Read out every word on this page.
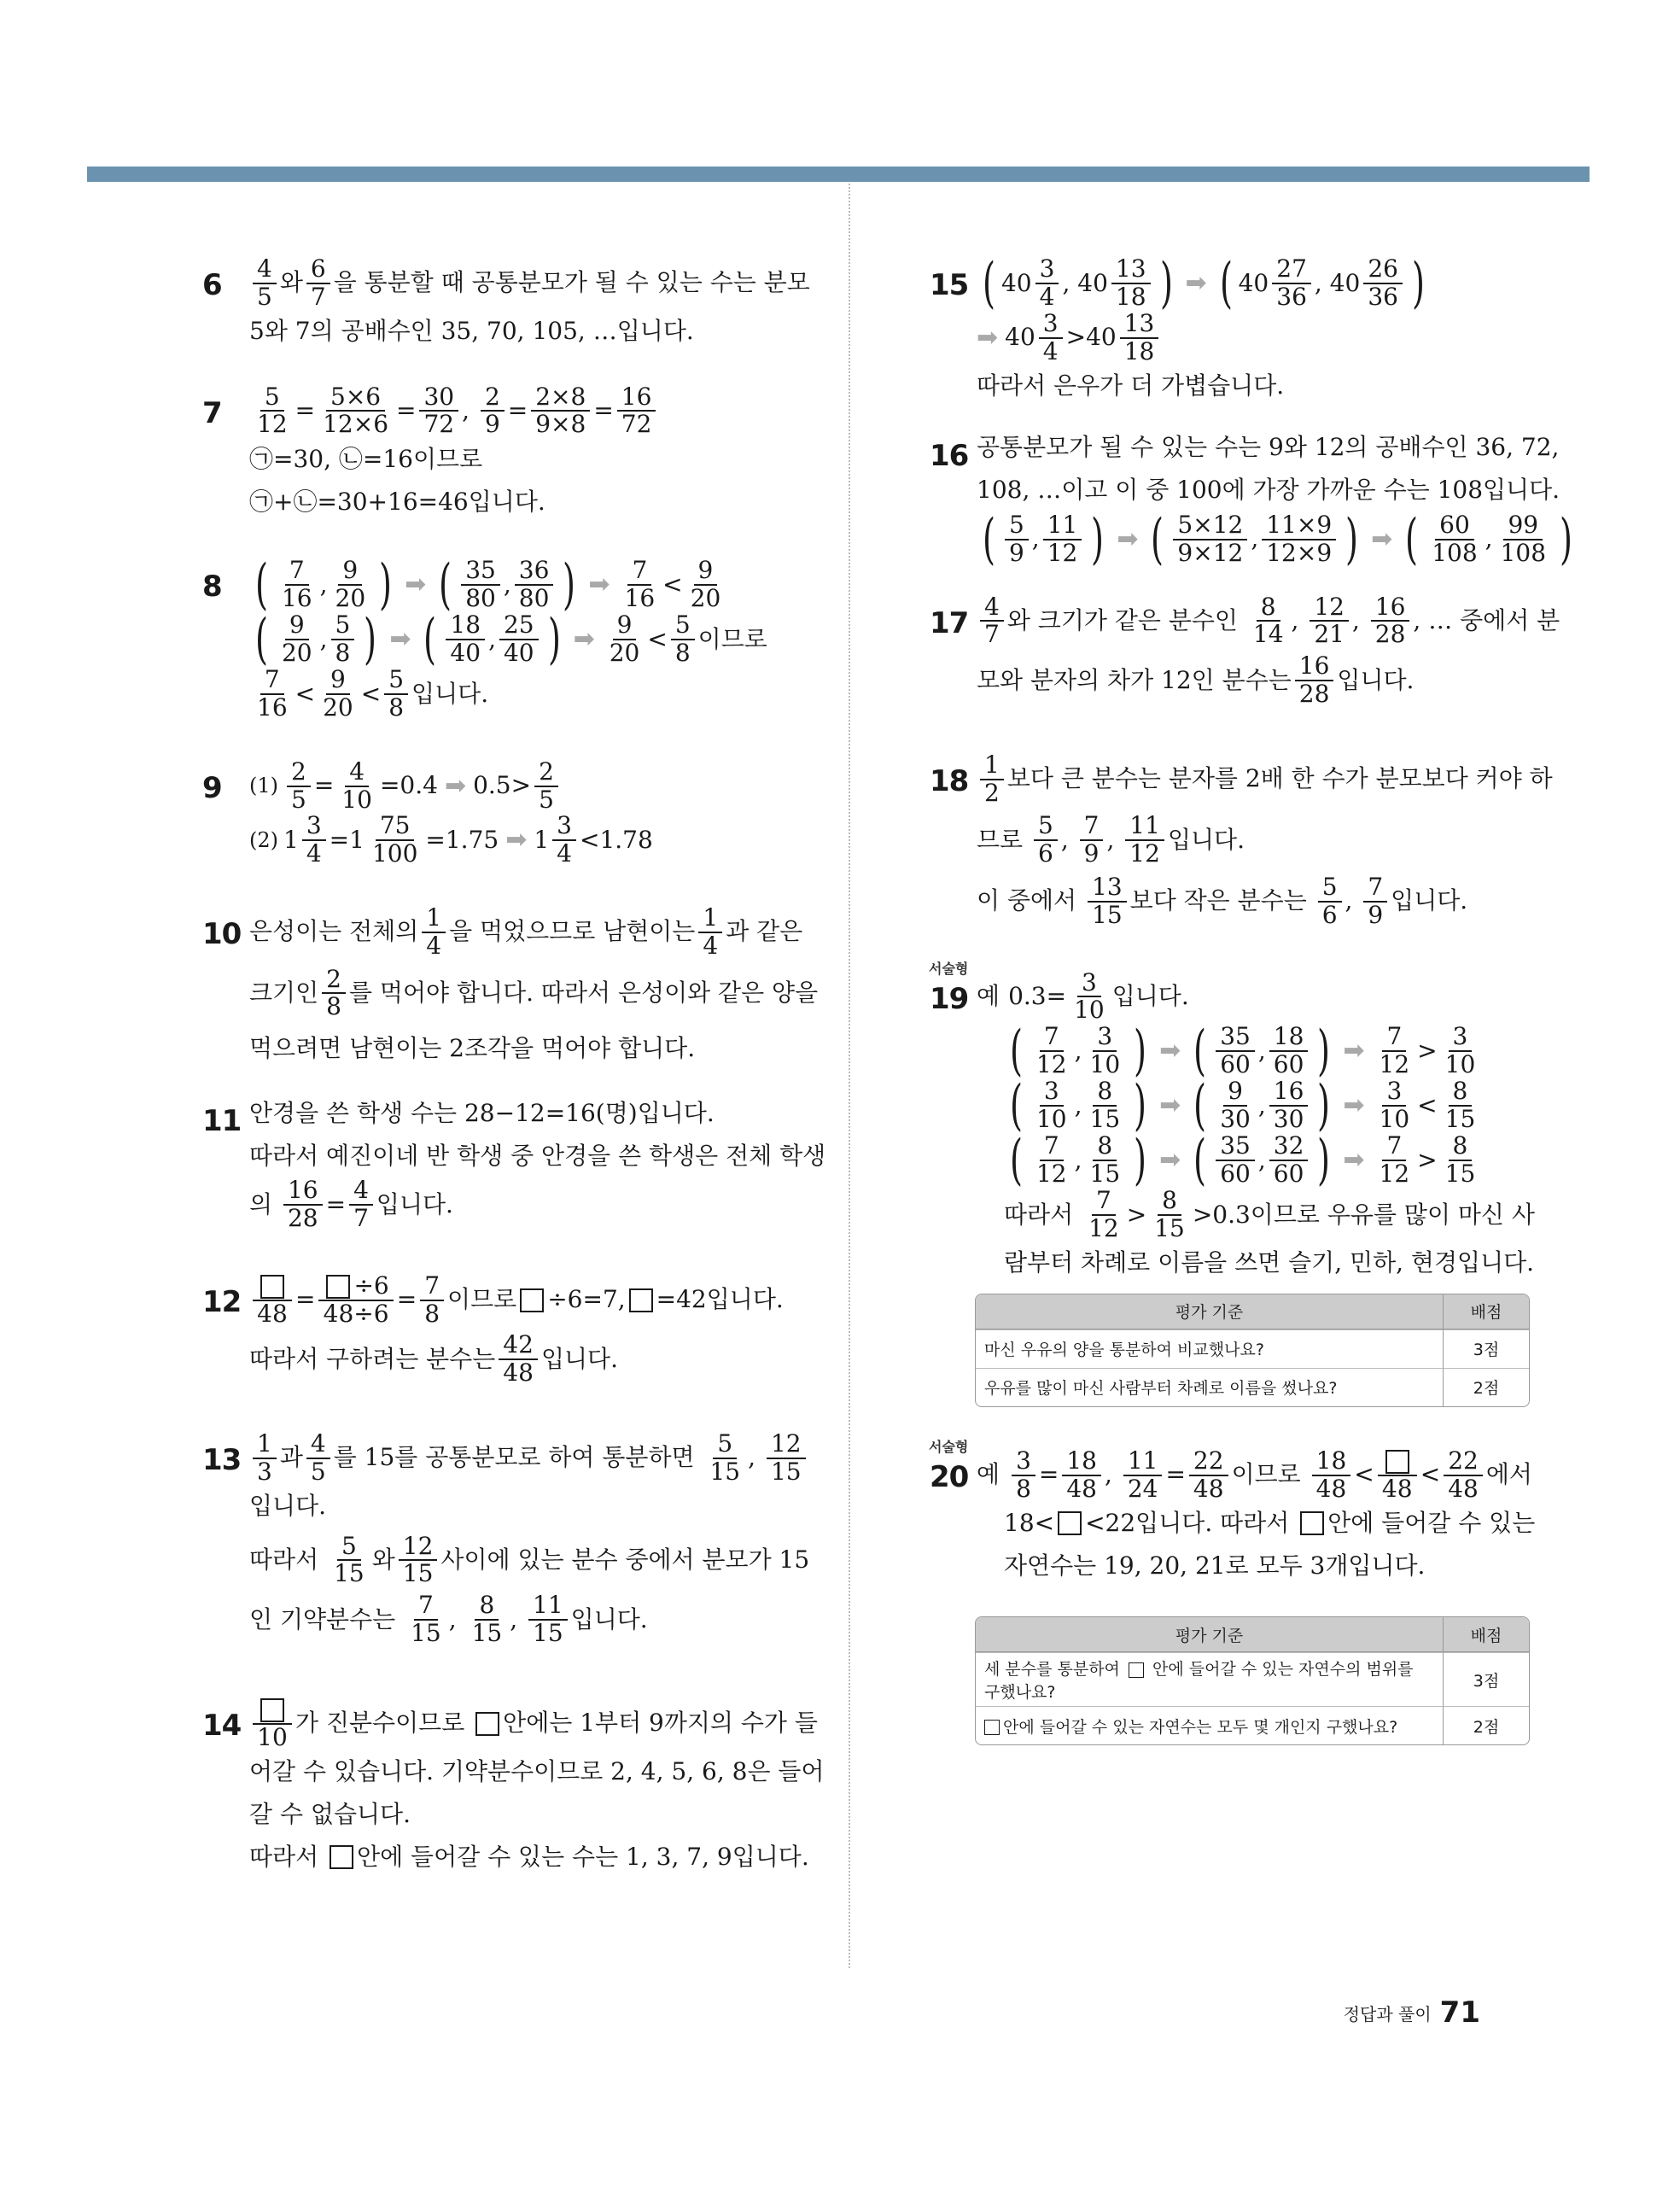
$6 \frac{4}{5}$ 와 $\frac{6}{7}$ 을 통분할 때 공통분모가 될 수 있는 수는 분모
5와 7의 공배수인 35, 70, 105, …입니다.
$7 \frac{5}{12} = \frac{5\times 6}{12\times 6} = \frac{30}{72}$ , $\frac{2}{9} = \frac{2\times 8}{9\times 8} = \frac{16}{72}$
㉠=30, ㉡=16이므로
㉠+㉡=30+16=46입니다.
8 ( $\frac{7}{16}$ , $\frac{9}{20}$ ) ➡ ( $\frac{35}{80}$ , $\frac{36}{80}$ ) ➡ $\frac{7}{16} < \frac{9}{20}$
( $\frac{9}{20}$ , $\frac{5}{8}$ ) ➡ ( $\frac{18}{40}$ , $\frac{25}{40}$ ) ➡ $\frac{9}{20} < \frac{5}{8}$ 이므로
$\frac{7}{16} < \frac{9}{20} < \frac{5}{8}$ 입니다.
9 $(1) \frac{2}{5} = \frac{4}{10} =0.4$ ➡ $0.5> \frac{2}{5}$
(2) $1 \frac{3}{4} =1 \frac{75}{100} =1.75$ ➡ $1 \frac{3}{4} <1.78$
10 은성이는 전체의 $\frac{1}{4}$ 을 먹었으므로 남현이는 $\frac{1}{4}$ 과 같은
크기인 $\frac{2}{8}$ 를 먹어야 합니다. 따라서 은성이와 같은 양을
먹으려면 남현이는 2조각을 먹어야 합니다.
11 안경을 쓴 학생 수는 28−12=16(명)입니다.
따라서 예진이네 반 학생 중 안경을 쓴 학생은 전체 학생
의
$\frac{16}{28} = \frac{4}{7}$ 입니다.
12 $48 = \frac{\div 6}{48\div 6} = \frac{7}{8}$ 이므로 ÷6=7, =42입니다.
따라서 구하려는 분수는 $\frac{42}{48}$ 입니다.
$13 \frac{1}{3}$ 과 $\frac{4}{5}$ 를 15를 공통분모로 하여 통분하면
$\frac{5}{15}$ , $\frac{12}{15}$
입니다.
따라서
$\frac{5}{15}$ 와 $\frac{12}{15}$ 사이에 있는 분수 중에서 분모가 15
인 기약분수는
$\frac{7}{15}$ , $\frac{8}{15}$ , $\frac{11}{15}$ 입니다.
14 10 가 진분수이므로
안에는 1부터 9까지의 수가 들
어갈 수 있습니다. 기약분수이므로 2, 4, 5, 6, 8은 들어
갈 수 없습니다.
따라서
안에 들어갈 수 있는 수는 1, 3, 7, 9입니다.
15 ( $40 \frac{3}{4}$ , $40 \frac{13}{18}$ ) ➡ ( $40 \frac{27}{36}$ , $40 \frac{26}{36}$ )
➡ $40 \frac{3}{4} > 40 \frac{13}{18}$
따라서 은우가 더 가볍습니다.
16 공통분모가 될 수 있는 수는 9와 12의 공배수인 36, 72,
108, …이고 이 중 100에 가장 가까운 수는 108입니다.
( $\frac{5}{9}$ , $\frac{11}{12}$ ) ➡ ( $\frac{5\times 12}{9\times 12}$ , $\frac{11\times 9}{12\times 9}$ ) ➡ ( $\frac{60}{108}$ , $\frac{99}{108}$ )
$17 \frac{4}{7}$ 와 크기가 같은 분수인
$\frac{8}{14}$ , $\frac{12}{21}$ , $\frac{16}{28}$ , … 중에서 분
모와 분자의 차가 12인 분수는 $\frac{16}{28}$ 입니다.
$18 \frac{1}{2}$ 보다 큰 분수는 분자를 2배 한 수가 분모보다 커야 하
므로
$\frac{5}{6}$ , $\frac{7}{9}$ , $\frac{11}{12}$ 입니다.
이 중에서
$\frac{13}{15}$ 보다 작은 분수는
$\frac{5}{6}$ , $\frac{7}{9}$ 입니다.
서술형
19 예 $0.3= \frac{3}{10}$ 입니다.
( $\frac{7}{12}$ , $\frac{3}{10}$ ) ➡ ( $\frac{35}{60}$ , $\frac{18}{60}$ ) ➡ $\frac{7}{12} > \frac{3}{10}$
( $\frac{3}{10}$ , $\frac{8}{15}$ ) ➡ ( $\frac{9}{30}$ , $\frac{16}{30}$ ) ➡ $\frac{3}{10} < \frac{8}{15}$
( $\frac{7}{12}$ , $\frac{8}{15}$ ) ➡ ( $\frac{35}{60}$ , $\frac{32}{60}$ ) ➡ $\frac{7}{12} > \frac{8}{15}$
따라서
$\frac{7}{12} > \frac{8}{15} >0.3$이므로 우유를 많이 마신 사
람부터 차례로 이름을 쓰면 슬기, 민하, 현경입니다.
평가 기준	배점
마신 우유의 양을 통분하여 비교했나요?	3점
우유를 많이 마신 사람부터 차례로 이름을 썼나요?	2점
서술형
20 예 $\frac{3}{8} = \frac{18}{48}$ , $\frac{11}{24} = \frac{22}{48}$ 이므로
$\frac{18}{48} < 48 < \frac{22}{48}$ 에서
18< <22입니다. 따라서
안에 들어갈 수 있는
자연수는 19, 20, 21로 모두 3개입니다.
평가 기준	배점
세 분수를 통분하여 안에 들어갈 수 있는 자연수의 범위를
구했나요?	3점
안에 들어갈 수 있는 자연수는 모두 몇 개인지 구했나요?	2점
정답과 풀이 71
